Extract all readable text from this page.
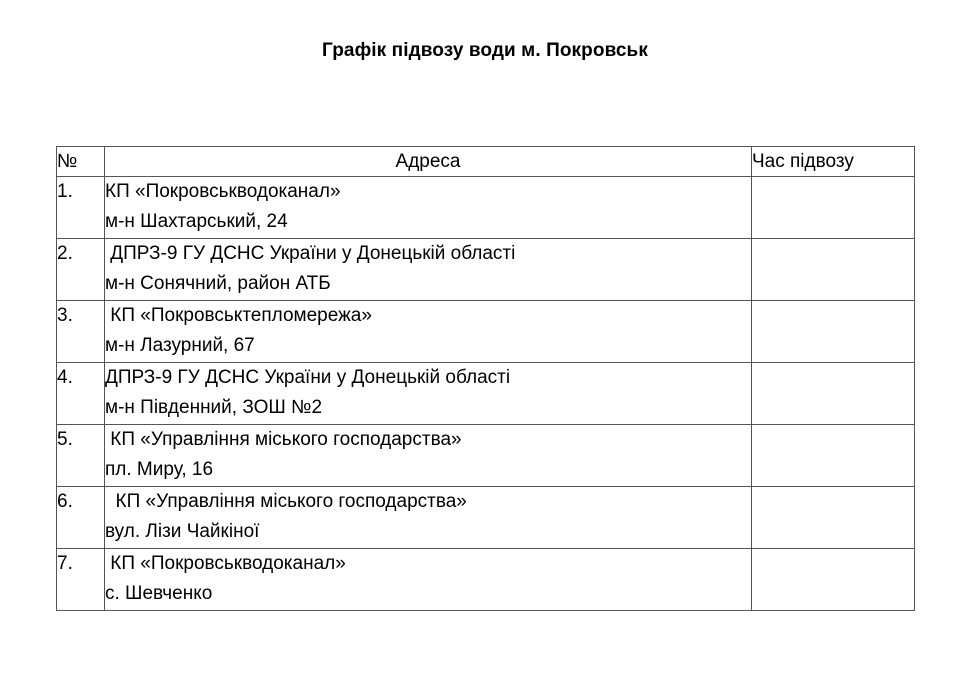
Графік підвозу води м. Покровськ
№	Адреса	Час підвозу
1.	КП «Покровськводоканал»
м-н Шахтарський, 24	

2.	ДПРЗ-9 ГУ ДСНС України у Донецькій області
м-н Сонячний, район АТБ	

3.	КП «Покровськтепломережа»
м-н Лазурний, 67	

4.	ДПРЗ-9 ГУ ДСНС України у Донецькій області
м-н Південний, ЗОШ №2	

5.	КП «Управління міського господарства»
пл. Миру, 16	

6.	КП «Управління міського господарства»
вул. Лізи Чайкіної	

7.	КП «Покровськводоканал»
с. Шевченко	
